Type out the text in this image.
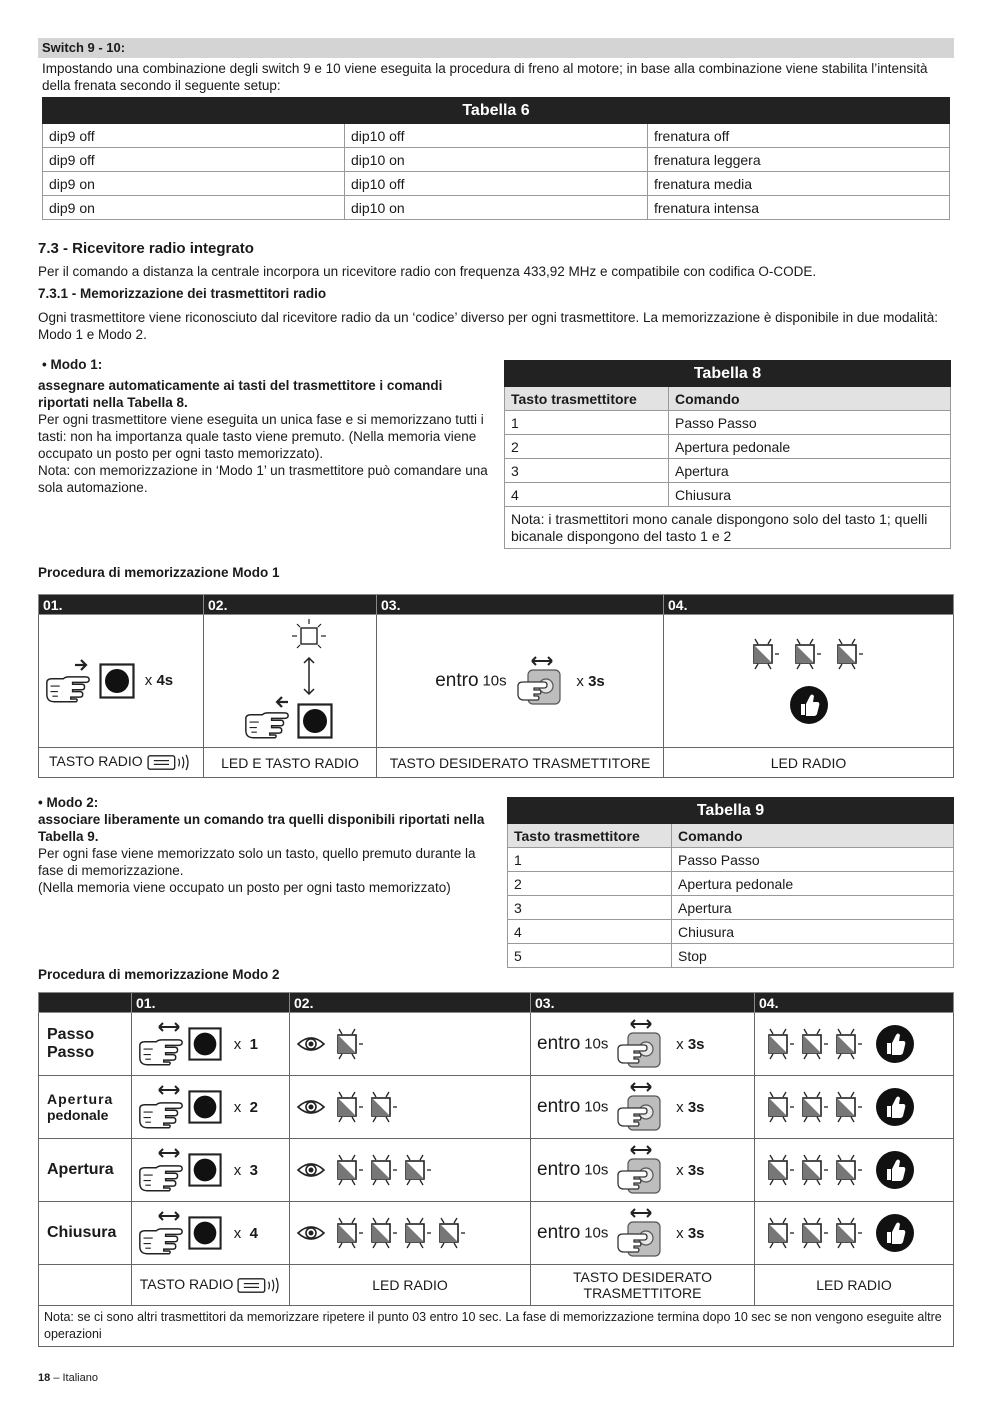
Switch 9 - 10:
Impostando una combinazione degli switch 9 e 10 viene eseguita la procedura di freno al motore; in base alla combinazione viene stabilita l’intensità della frenata secondo il seguente setup:
Tabella 6		
dip9 off	dip10 off	frenatura off
dip9 off	dip10 on	frenatura leggera
dip9 on	dip10 off	frenatura media
dip9 on	dip10 on	frenatura intensa
7.3 - Ricevitore radio integrato
Per il comando a distanza la centrale incorpora un ricevitore radio con frequenza 433,92 MHz e compatibile con codifica O-CODE.
7.3.1 - Memorizzazione dei trasmettitori radio
Ogni trasmettitore viene riconosciuto dal ricevitore radio da un ‘codice’ diverso per ogni trasmettitore. La memorizzazione è disponibile in due modalità: Modo 1 e Modo 2.
• Modo 1:
assegnare automaticamente ai tasti del trasmettitore i comandi riportati nella Tabella 8.
Per ogni trasmettitore viene eseguita un unica fase e si memorizzano tutti i tasti: non ha importanza quale tasto viene premuto. (Nella memoria viene occupato un posto per ogni tasto memorizzato).
Nota: con memorizzazione in ‘Modo 1’ un trasmettitore può comandare una sola automazione.
Tabella 8	
Tasto trasmettitore	Comando
1	Passo Passo
2	Apertura pedonale
3	Apertura
4	Chiusura
Nota: i trasmettitori mono canale dispongono solo del tasto 1; quelli bicanale dispongono del tasto 1 e 2	
Procedura di memorizzazione Modo 1
01.	02.	03.	04.

x 4s		entro 10s x 3s	

TASTO RADIO	LED E TASTO RADIO	TASTO DESIDERATO TRASMETTITORE	LED RADIO
• Modo 2:
associare liberamente un comando tra quelli disponibili riportati nella Tabella 9.
Per ogni fase viene memorizzato solo un tasto, quello premuto durante la fase di memorizzazione.
(Nella memoria viene occupato un posto per ogni tasto memorizzato)
Tabella 9	
Tasto trasmettitore	Comando
1	Passo Passo
2	Apertura pedonale
3	Apertura
4	Chiusura
5	Stop
Procedura di memorizzazione Modo 2
	01.	02.	03.	04.
Passo
Passo	x 1		entro 10s x 3s	
Apertura
pedonale	x 2		entro 10s x 3s	
Apertura	x 3		entro 10s x 3s	
Chiusura	x 4		entro 10s x 3s	
	TASTO RADIO	LED RADIO	TASTO DESIDERATO TRASMETTITORE	LED RADIO
Nota: se ci sono altri trasmettitori da memorizzare ripetere il punto 03 entro 10 sec. La fase di memorizzazione termina dopo 10 sec se non vengono eseguite altre operazioni				
18 – Italiano
